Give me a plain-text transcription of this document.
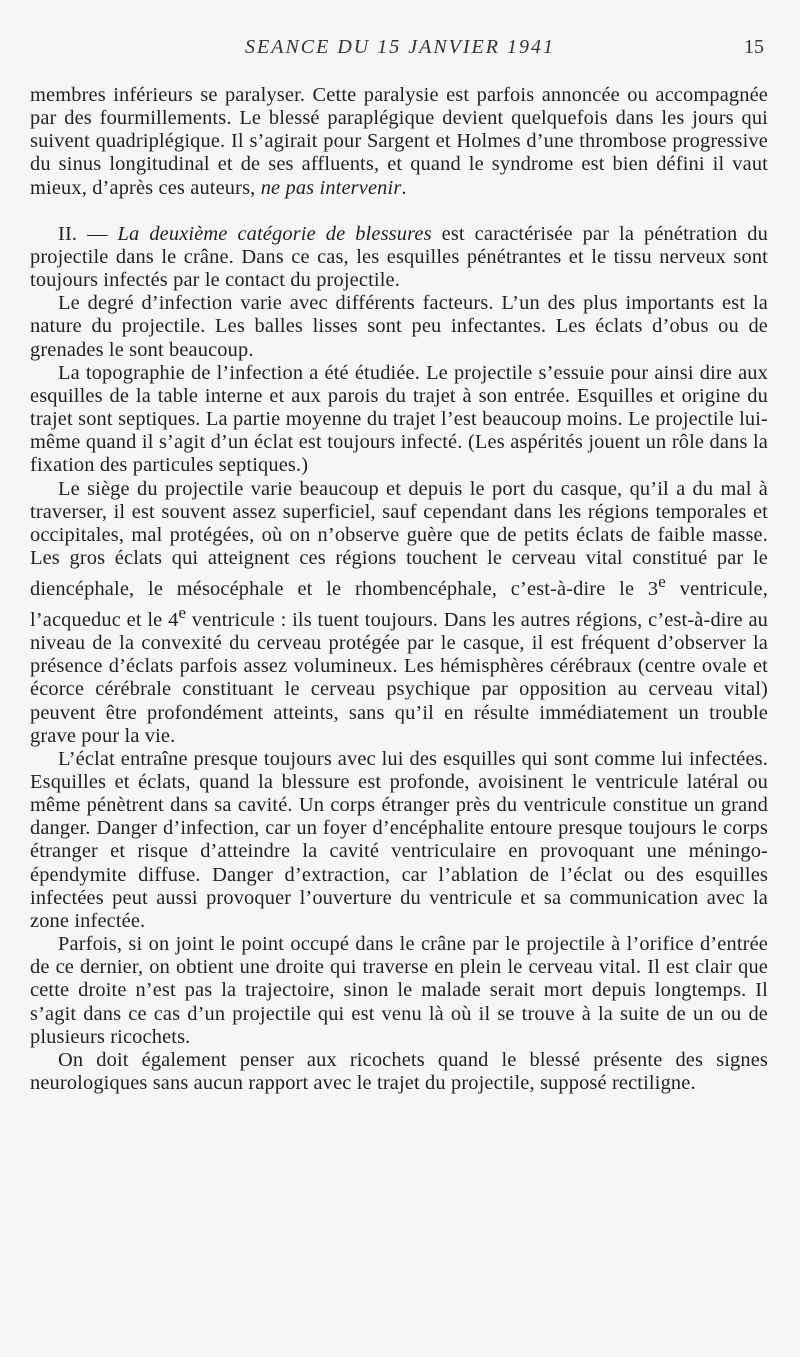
SEANCE DU 15 JANVIER 1941	15

membres inférieurs se paralyser. Cette paralysie est parfois annoncée ou accompagnée par des fourmillements. Le blessé paraplégique devient quelquefois dans les jours qui suivent quadriplégique. Il s’agirait pour Sargent et Holmes d’une thrombose progressive du sinus longitudinal et de ses affluents, et quand le syndrome est bien défini il vaut mieux, d’après ces auteurs, ne pas intervenir.

II. — La deuxième catégorie de blessures est caractérisée par la pénétration du projectile dans le crâne. Dans ce cas, les esquilles pénétrantes et le tissu nerveux sont toujours infectés par le contact du projectile.

Le degré d’infection varie avec différents facteurs. L’un des plus importants est la nature du projectile. Les balles lisses sont peu infectantes. Les éclats d’obus ou de grenades le sont beaucoup.

La topographie de l’infection a été étudiée. Le projectile s’essuie pour ainsi dire aux esquilles de la table interne et aux parois du trajet à son entrée. Esquilles et origine du trajet sont septiques. La partie moyenne du trajet l’est beaucoup moins. Le projectile lui-même quand il s’agit d’un éclat est toujours infecté. (Les aspérités jouent un rôle dans la fixation des particules septiques.)

Le siège du projectile varie beaucoup et depuis le port du casque, qu’il a du mal à traverser, il est souvent assez superficiel, sauf cependant dans les régions temporales et occipitales, mal protégées, où on n’observe guère que de petits éclats de faible masse. Les gros éclats qui atteignent ces régions touchent le cerveau vital constitué par le diencéphale, le mésocéphale et le rhombencéphale, c’est-à-dire le 3e ventricule, l’acqueduc et le 4e ventricule : ils tuent toujours. Dans les autres régions, c’est-à-dire au niveau de la convexité du cerveau protégée par le casque, il est fréquent d’observer la présence d’éclats parfois assez volumineux. Les hémisphères cérébraux (centre ovale et écorce cérébrale constituant le cerveau psychique par opposition au cerveau vital) peuvent être profondément atteints, sans qu’il en résulte immédiatement un trouble grave pour la vie.

L’éclat entraîne presque toujours avec lui des esquilles qui sont comme lui infectées. Esquilles et éclats, quand la blessure est profonde, avoisinent le ventricule latéral ou même pénètrent dans sa cavité. Un corps étranger près du ventricule constitue un grand danger. Danger d’infection, car un foyer d’encéphalite entoure presque toujours le corps étranger et risque d’atteindre la cavité ventriculaire en provoquant une méningo-épendymite diffuse. Danger d’extraction, car l’ablation de l’éclat ou des esquilles infectées peut aussi provoquer l’ouverture du ventricule et sa communication avec la zone infectée.

Parfois, si on joint le point occupé dans le crâne par le projectile à l’orifice d’entrée de ce dernier, on obtient une droite qui traverse en plein le cerveau vital. Il est clair que cette droite n’est pas la trajectoire, sinon le malade serait mort depuis longtemps. Il s’agit dans ce cas d’un projectile qui est venu là où il se trouve à la suite de un ou de plusieurs ricochets.

On doit également penser aux ricochets quand le blessé présente des signes neurologiques sans aucun rapport avec le trajet du projectile, supposé rectiligne.
